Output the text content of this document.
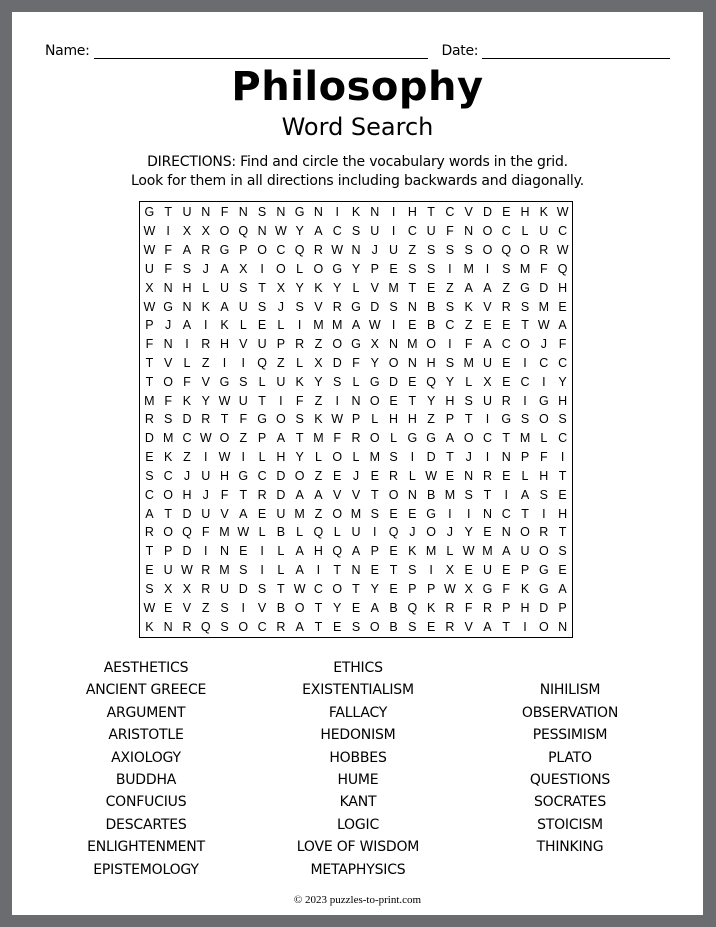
Name:	Date:
Philosophy
Word Search
DIRECTIONS: Find and circle the vocabulary words in the grid.
Look for them in all directions including backwards and diagonally.
G T U N F N S N G N	I	K N	I	H T C V D E H K W
W I	X X O Q N W Y A C S U	I	C U F N O C L U C
W F A R G P O C Q R W N J U Z S S S O Q O R W
U F S J A X	I O L O G Y P E S S	I M I	S M F Q
X N H L U S T X Y K Y L V M T E Z A A Z G D H
W G N K A U S J S V R G D S N B S K V R S M E
P J A	I	K L E L	I M M A W I	E B C Z E E T W A
F N	I	R H V U P R Z O G X N M O I	F A C O J F
T V L Z	I	I Q Z L X D F Y O N H S M U E	I	C C
T O F V G S L U K Y S L G D E Q Y L X E C	I	Y
M F K Y W U T	I	F Z	I	N O E T Y H S U R	I G H
R S D R T F G O S K W P L H H Z P T	I G S O S
D M C W O Z P A T M F R O L G G A O C T M L C
E K Z	I W I	L H Y L O L M S	I	D T J	I	N P F	I
S C J U H G C D O Z E J E R L W E N R E L H T
C O H J F T R D A A V V T O N B M S T	I	A S E
A T D U V A E U M Z O M S E E G I	I	N C T	I	H
R O Q F M W L B L Q L U	I Q J O J Y E N O R T
T P D	I	N E	I	L A H Q A P E K M L W M A U O S
E U W R M S	I	L A	I	T N E T S	I	X E U E P G E
S X X R U D S T W C O T Y E P P W X G F K G A
W E V Z S	I	V B O T Y E A B Q K R F R P H D P
K N R Q S O C R A T E S O B S E R V A T	I O N
AESTHETICS
ANCIENT GREECE
ARGUMENT
ARISTOTLE
AXIOLOGY
BUDDHA
CONFUCIUS
DESCARTES
ENLIGHTENMENT
EPISTEMOLOGY
ETHICS
EXISTENTIALISM
FALLACY
HEDONISM
HOBBES
HUME
KANT
LOGIC
LOVE OF WISDOM
METAPHYSICS
NIHILISM
OBSERVATION
PESSIMISM
PLATO
QUESTIONS
SOCRATES
STOICISM
THINKING
© 2023 puzzles-to-print.com
